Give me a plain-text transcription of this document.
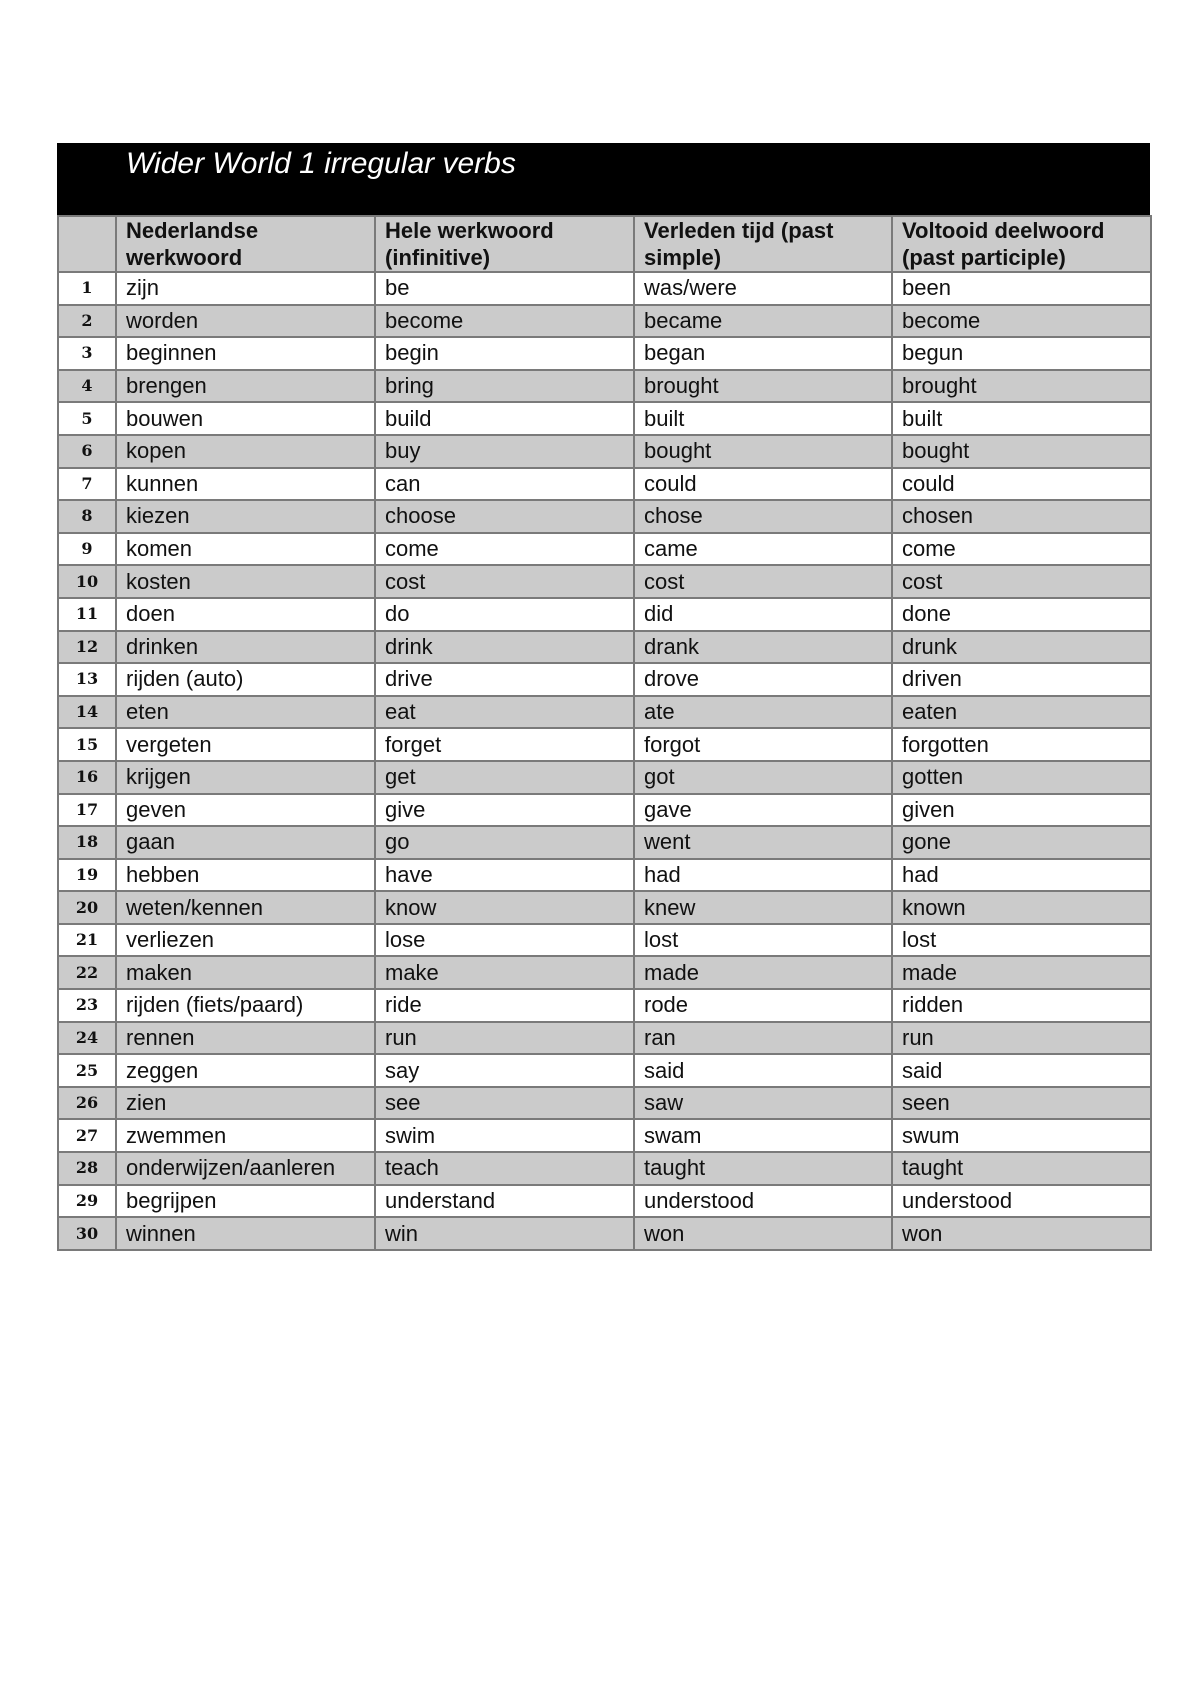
Wider World 1 irregular verbs
	Nederlandse werkwoord	Hele werkwoord (infinitive)	Verleden tijd (past simple)	Voltooid deelwoord (past participle)
1	zijn	be	was/were	been
2	worden	become	became	become
3	beginnen	begin	began	begun
4	brengen	bring	brought	brought
5	bouwen	build	built	built
6	kopen	buy	bought	bought
7	kunnen	can	could	could
8	kiezen	choose	chose	chosen
9	komen	come	came	come
10	kosten	cost	cost	cost
11	doen	do	did	done
12	drinken	drink	drank	drunk
13	rijden (auto)	drive	drove	driven
14	eten	eat	ate	eaten
15	vergeten	forget	forgot	forgotten
16	krijgen	get	got	gotten
17	geven	give	gave	given
18	gaan	go	went	gone
19	hebben	have	had	had
20	weten/kennen	know	knew	known
21	verliezen	lose	lost	lost
22	maken	make	made	made
23	rijden (fiets/paard)	ride	rode	ridden
24	rennen	run	ran	run
25	zeggen	say	said	said
26	zien	see	saw	seen
27	zwemmen	swim	swam	swum
28	onderwijzen/aanleren	teach	taught	taught
29	begrijpen	understand	understood	understood
30	winnen	win	won	won
